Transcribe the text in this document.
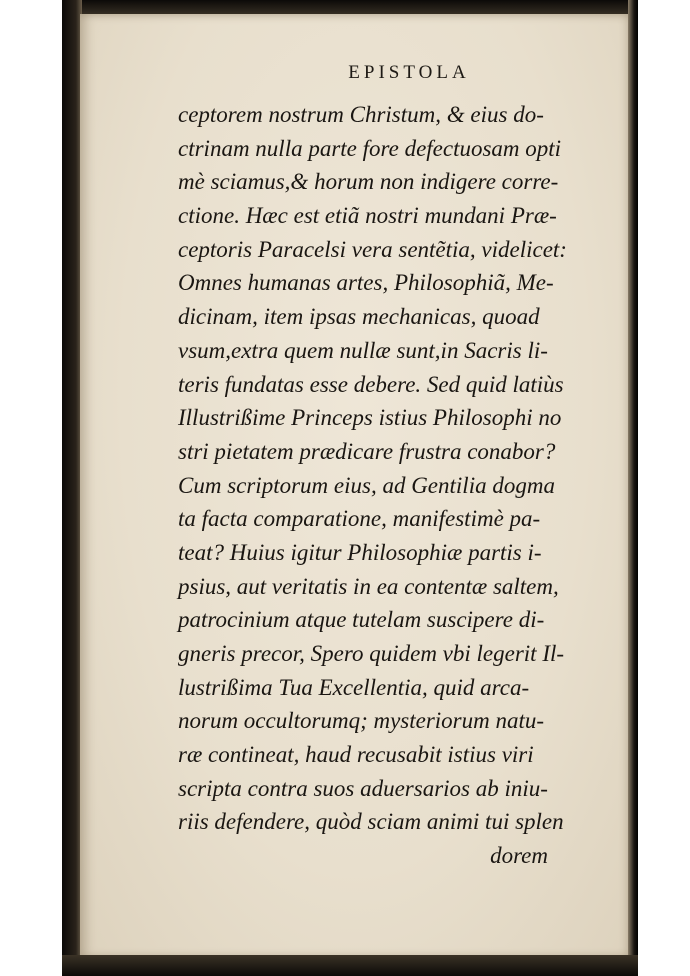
EPISTOLA
ceptorem nostrum Christum, & eius do-
ctrinam nulla parte fore defectuosam opti
mè sciamus,& horum non indigere corre-
ctione. Hæc est etiã nostri mundani Præ-
ceptoris Paracelsi vera sentẽtia, videlicet:
Omnes humanas artes, Philosophiã, Me-
dicinam, item ipsas mechanicas, quoad
vsum,extra quem nullæ sunt,in Sacris li-
teris fundatas esse debere. Sed quid latiùs
Illustrißime Princeps istius Philosophi no
stri pietatem prædicare frustra conabor?
Cum scriptorum eius, ad Gentilia dogma
ta facta comparatione, manifestimè pa-
teat? Huius igitur Philosophiæ partis i-
psius, aut veritatis in ea contentæ saltem,
patrocinium atque tutelam suscipere di-
gneris precor, Spero quidem vbi legerit Il-
lustrißima Tua Excellentia, quid arca-
norum occultorumq; mysteriorum natu-
ræ contineat, haud recusabit istius viri
scripta contra suos aduersarios ab iniu-
riis defendere, quòd sciam animi tui splen
dorem
